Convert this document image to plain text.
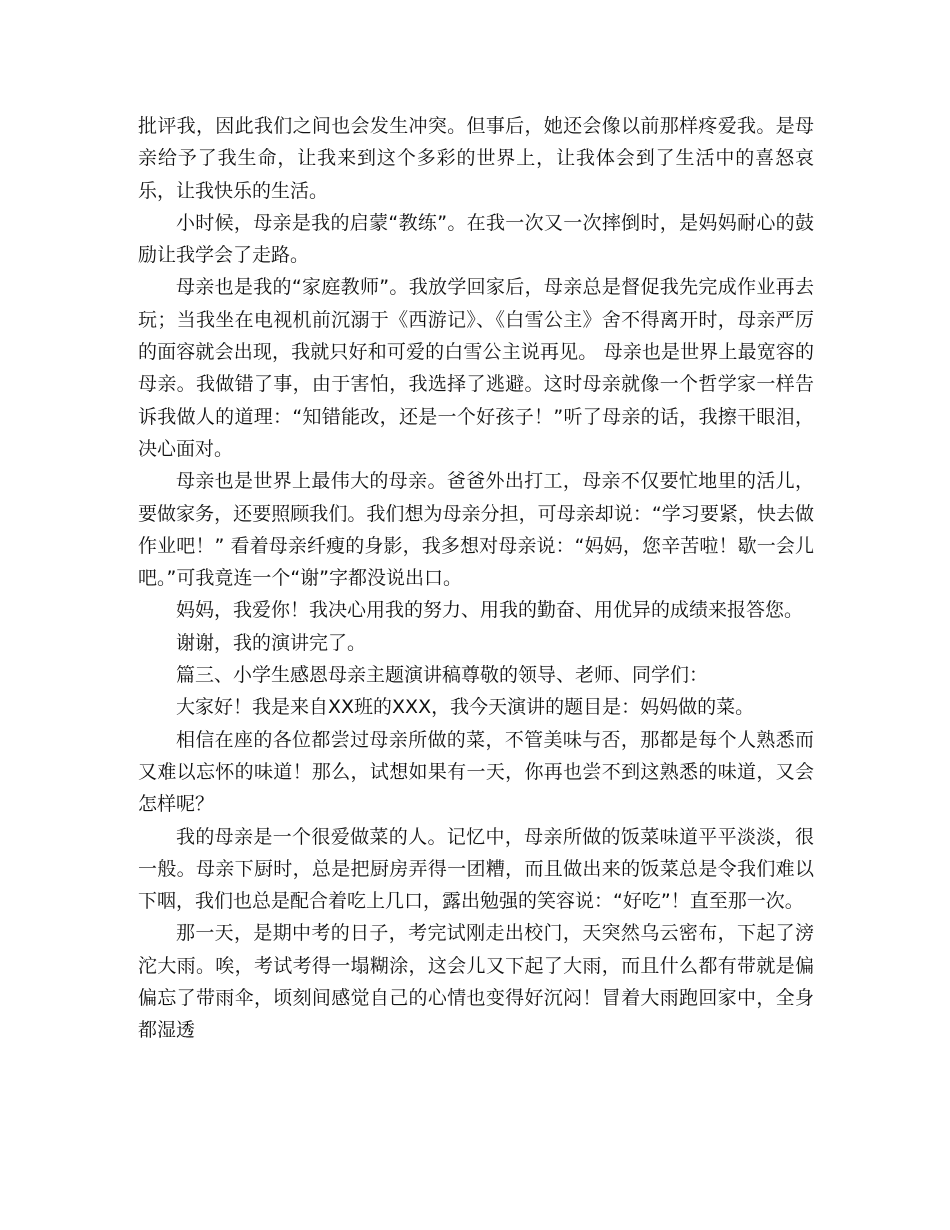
批评我，因此我们之间也会发生冲突。但事后，她还会像以前那样疼爱我。是母亲给予了我生命，让我来到这个多彩的世界上，让我体会到了生活中的喜怒哀乐，让我快乐的生活。

小时候，母亲是我的启蒙“教练”。在我一次又一次摔倒时，是妈妈耐心的鼓励让我学会了走路。

母亲也是我的“家庭教师”。我放学回家后，母亲总是督促我先完成作业再去玩；当我坐在电视机前沉溺于《西游记》、《白雪公主》舍不得离开时，母亲严厉的面容就会出现，我就只好和可爱的白雪公主说再见。 母亲也是世界上最宽容的母亲。我做错了事，由于害怕，我选择了逃避。这时母亲就像一个哲学家一样告诉我做人的道理：“知错能改，还是一个好孩子！”听了母亲的话，我擦干眼泪，决心面对。

母亲也是世界上最伟大的母亲。爸爸外出打工，母亲不仅要忙地里的活儿，要做家务，还要照顾我们。我们想为母亲分担，可母亲却说：“学习要紧，快去做作业吧！” 看着母亲纤瘦的身影，我多想对母亲说：“妈妈，您辛苦啦！歇一会儿吧。”可我竟连一个“谢”字都没说出口。

妈妈，我爱你！我决心用我的努力、用我的勤奋、用优异的成绩来报答您。

谢谢，我的演讲完了。

篇三、小学生感恩母亲主题演讲稿尊敬的领导、老师、同学们：

大家好！我是来自XX班的XXX，我今天演讲的题目是：妈妈做的菜。

相信在座的各位都尝过母亲所做的菜，不管美味与否，那都是每个人熟悉而又难以忘怀的味道！那么，试想如果有一天，你再也尝不到这熟悉的味道，又会怎样呢？

我的母亲是一个很爱做菜的人。记忆中，母亲所做的饭菜味道平平淡淡，很一般。母亲下厨时，总是把厨房弄得一团糟，而且做出来的饭菜总是令我们难以下咽，我们也总是配合着吃上几口，露出勉强的笑容说：“好吃”！直至那一次。

那一天，是期中考的日子，考完试刚走出校门，天突然乌云密布，下起了滂沱大雨。唉，考试考得一塌糊涂，这会儿又下起了大雨，而且什么都有带就是偏偏忘了带雨伞，顷刻间感觉自己的心情也变得好沉闷！冒着大雨跑回家中，全身都湿透
